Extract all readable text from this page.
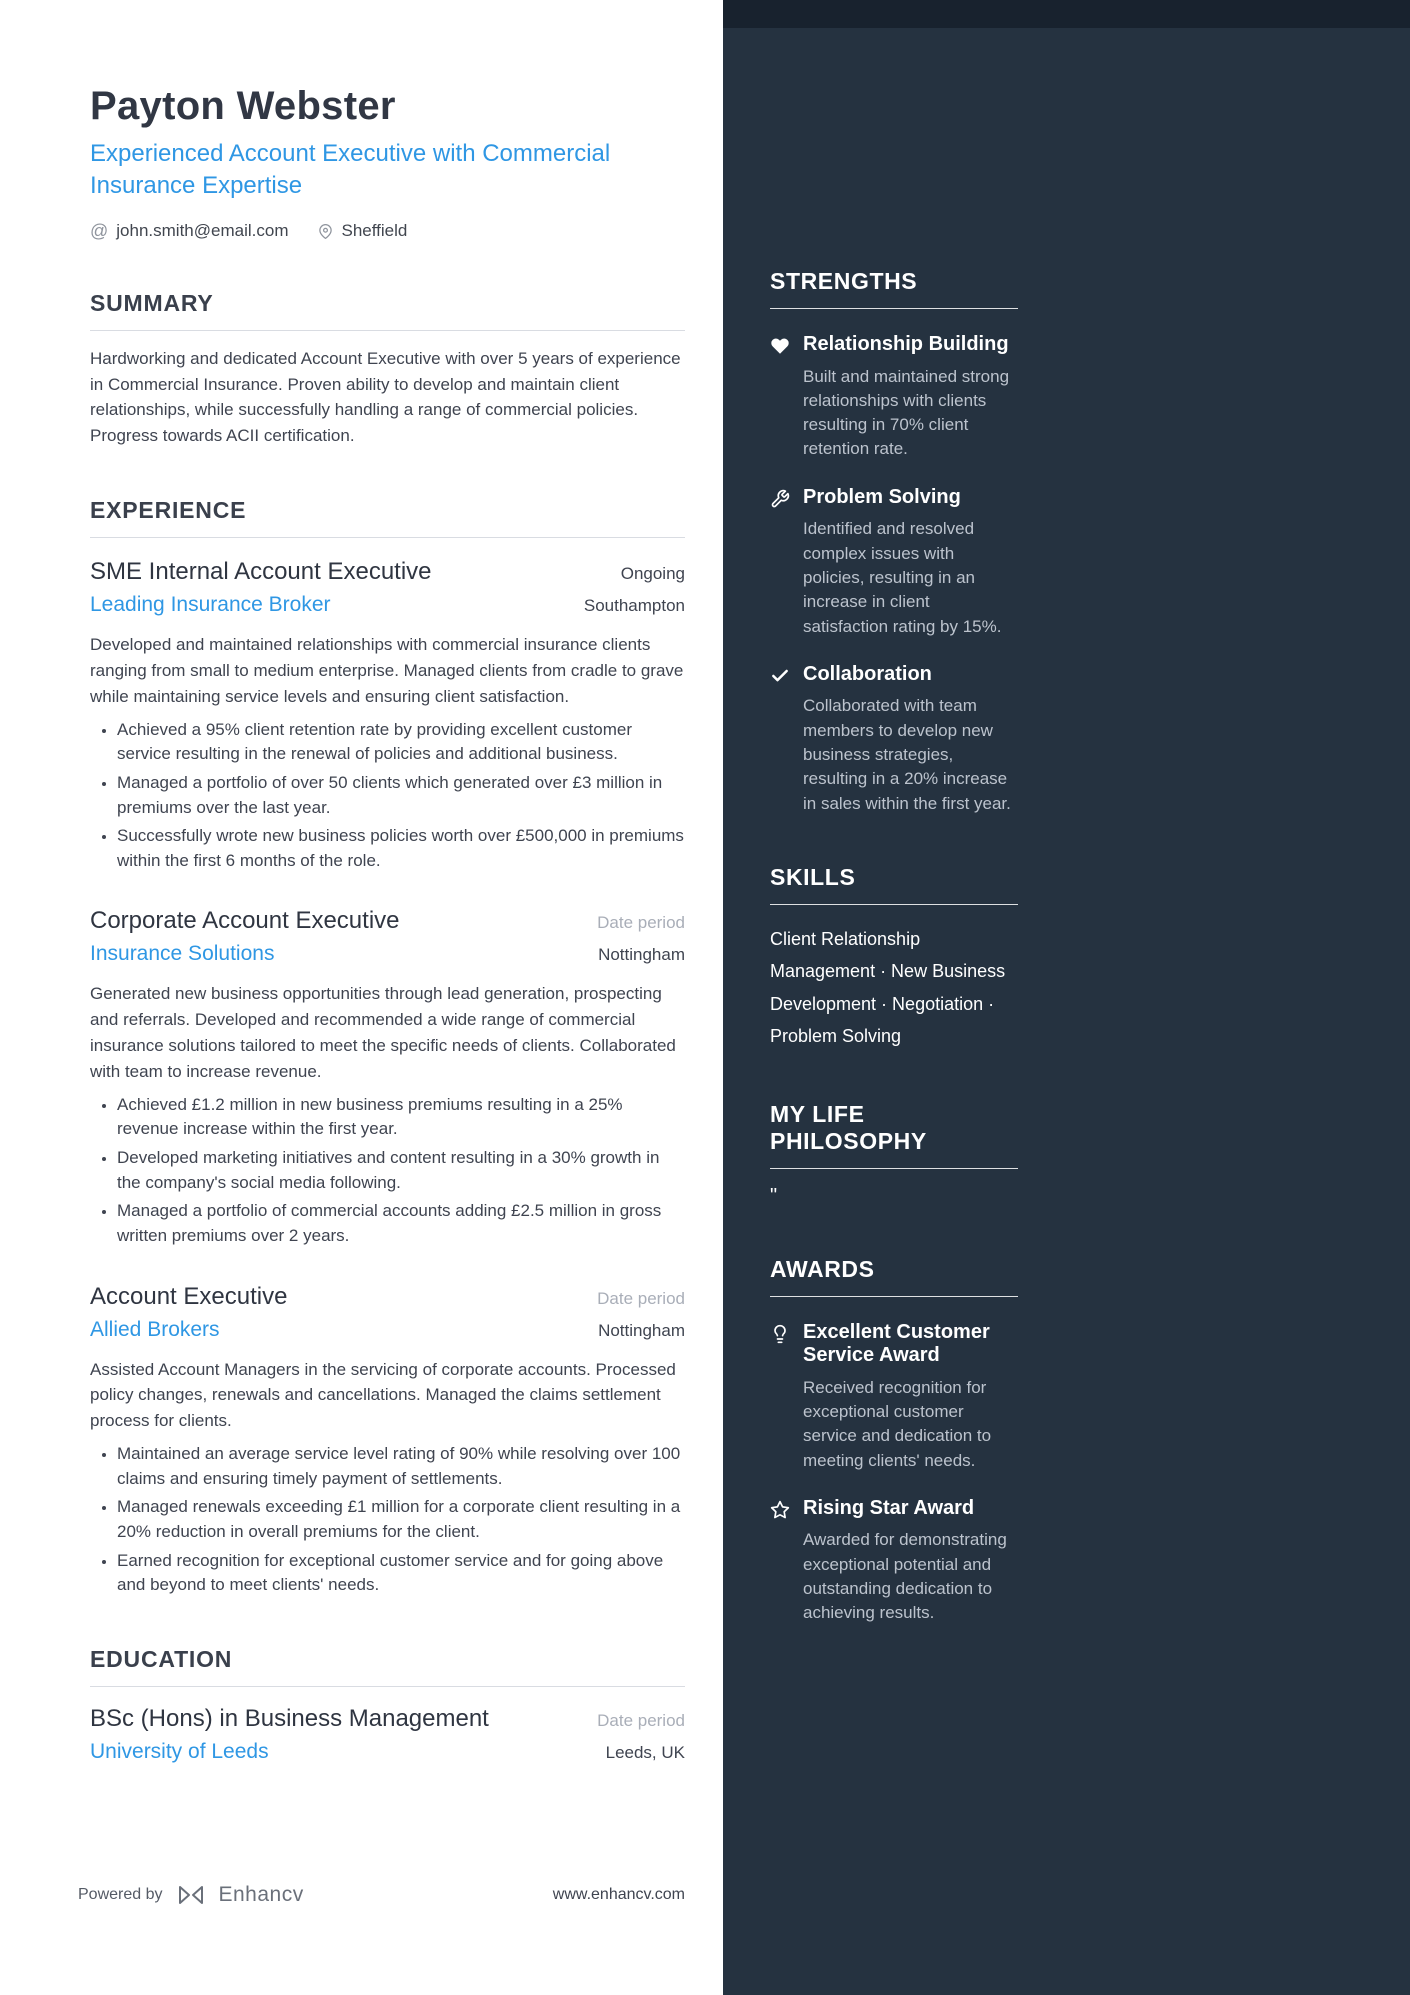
Payton Webster
Experienced Account Executive with Commercial Insurance Expertise
@ john.smith@email.com	Sheffield
SUMMARY

Hardworking and dedicated Account Executive with over 5 years of experience in Commercial Insurance. Proven ability to develop and maintain client relationships, while successfully handling a range of commercial policies. Progress towards ACII certification.

EXPERIENCE
SME Internal Account Executive	Ongoing
Leading Insurance Broker	Southampton

Developed and maintained relationships with commercial insurance clients ranging from small to medium enterprise. Managed clients from cradle to grave while maintaining service levels and ensuring client satisfaction.

• Achieved a 95% client retention rate by providing excellent customer service resulting in the renewal of policies and additional business.
• Managed a portfolio of over 50 clients which generated over £3 million in premiums over the last year.
• Successfully wrote new business policies worth over £500,000 in premiums within the first 6 months of the role.
Corporate Account Executive	Date period
Insurance Solutions	Nottingham

Generated new business opportunities through lead generation, prospecting and referrals. Developed and recommended a wide range of commercial insurance solutions tailored to meet the specific needs of clients. Collaborated with team to increase revenue.

• Achieved £1.2 million in new business premiums resulting in a 25% revenue increase within the first year.
• Developed marketing initiatives and content resulting in a 30% growth in the company's social media following.
• Managed a portfolio of commercial accounts adding £2.5 million in gross written premiums over 2 years.
Account Executive	Date period
Allied Brokers	Nottingham

Assisted Account Managers in the servicing of corporate accounts. Processed policy changes, renewals and cancellations. Managed the claims settlement process for clients.

• Maintained an average service level rating of 90% while resolving over 100 claims and ensuring timely payment of settlements.
• Managed renewals exceeding £1 million for a corporate client resulting in a 20% reduction in overall premiums for the client.
• Earned recognition for exceptional customer service and for going above and beyond to meet clients' needs.
EDUCATION
BSc (Hons) in Business Management	Date period
University of Leeds	Leeds, UK
Powered by	Enhancv	www.enhancv.com
STRENGTHS
Relationship Building
Built and maintained strong relationships with clients resulting in 70% client retention rate.
Problem Solving
Identified and resolved complex issues with policies, resulting in an increase in client satisfaction rating by 15%.
Collaboration
Collaborated with team members to develop new business strategies, resulting in a 20% increase in sales within the first year.
SKILLS
Client Relationship Management · New Business Development · Negotiation · Problem Solving
MY LIFE PHILOSOPHY
"
AWARDS
Excellent Customer Service Award
Received recognition for exceptional customer service and dedication to meeting clients' needs.
Rising Star Award
Awarded for demonstrating exceptional potential and outstanding dedication to achieving results.
